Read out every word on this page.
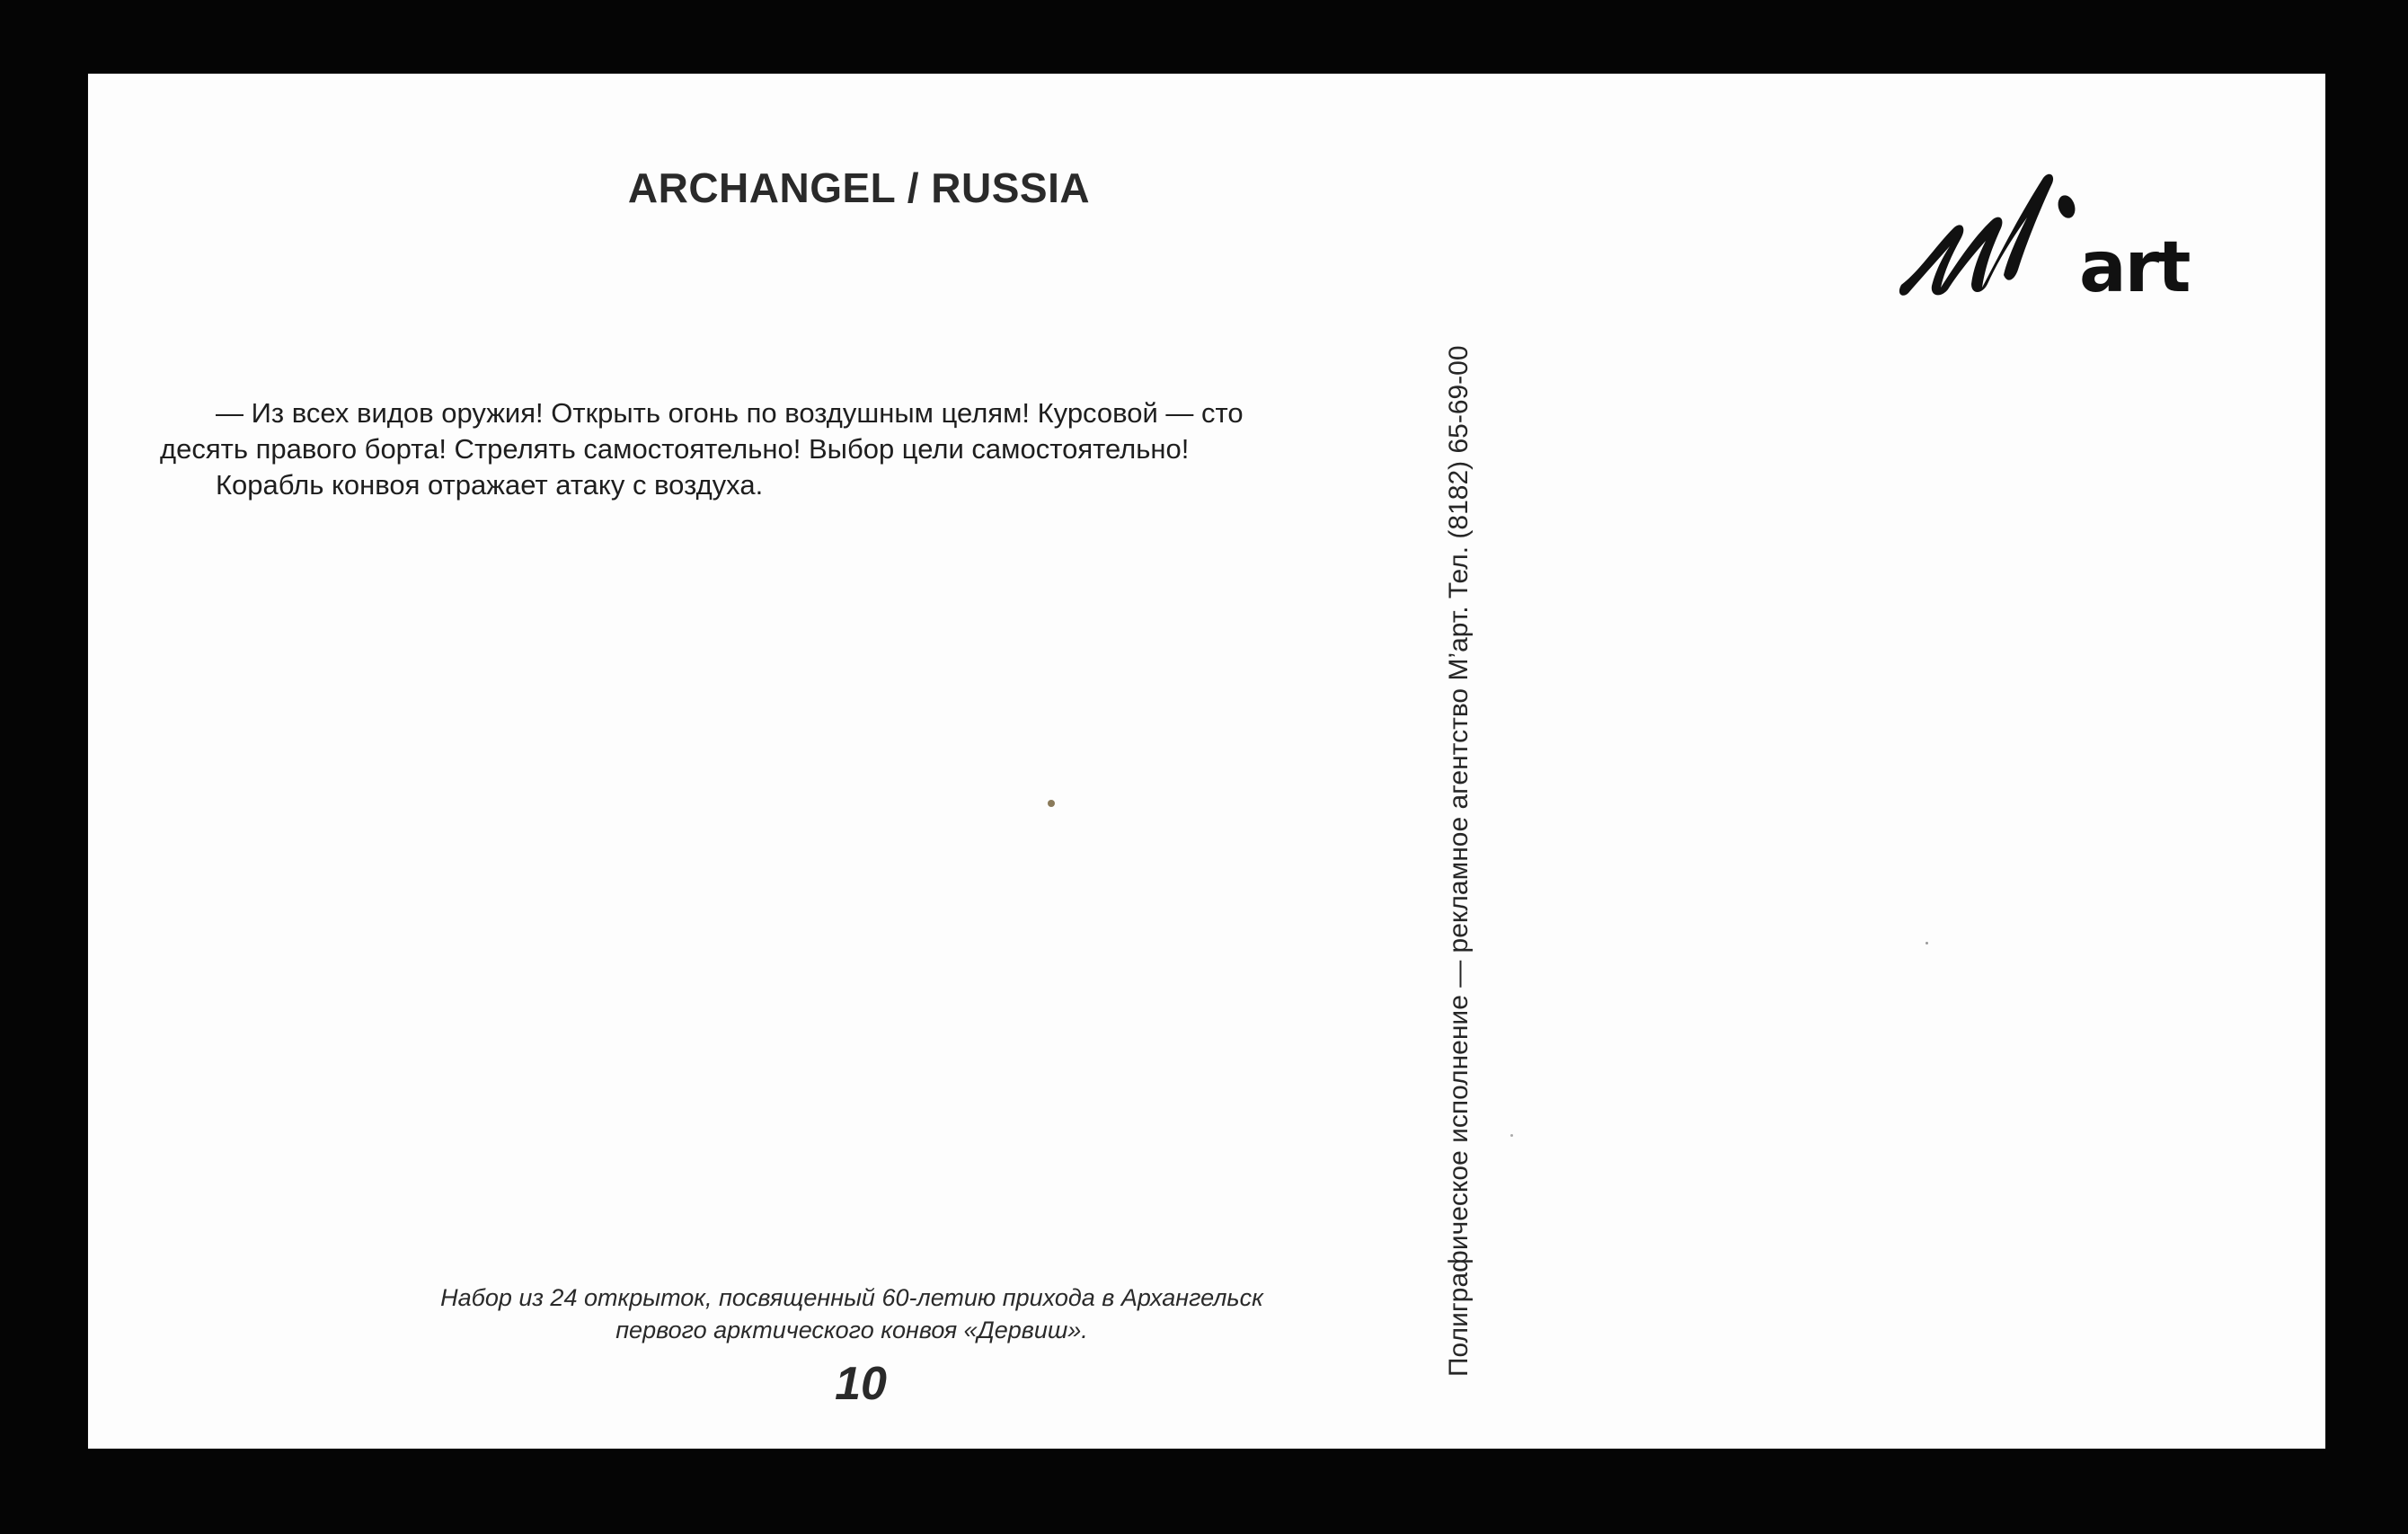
ARCHANGEL / RUSSIA
— Из всех видов оружия! Открыть огонь по воздушным целям! Курсовой — сто
десять правого борта! Стрелять самостоятельно! Выбор цели самостоятельно!
Корабль конвоя отражает атаку с воздуха.
Набор из 24 открыток, посвященный 60-летию прихода в Архангельск
первого арктического конвоя «Дервиш».
10
Полиграфическое исполнение — рекламное агентство М’арт. Тел. (8182) 65-69-00
art
